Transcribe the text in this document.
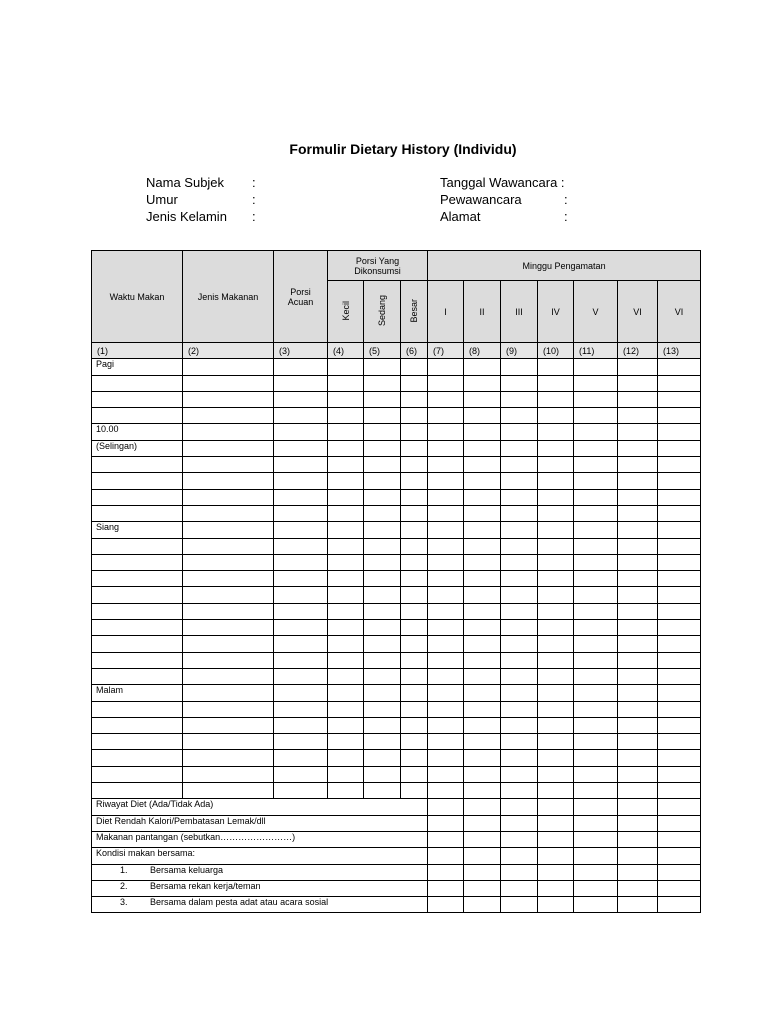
Formulir Dietary History (Individu)
Nama Subjek	:
Umur	:
Jenis Kelamin	:
Tanggal Wawancara :
Pewawancara	:
Alamat	:
Waktu Makan	Jenis Makanan	Porsi Acuan	Porsi Yang Dikonsumsi			Minggu Pengamatan						
			Kecil	Sedang	Besar	I	II	III	IV	V	VI	VI
(1)	(2)	(3)	(4)	(5)	(6)	(7)	(8)	(9)	(10)	(11)	(12)	(13)
Pagi												

10.00												
(Selingan)												

Siang												

Malam												

Riwayat Diet (Ada/Tidak Ada)												

Diet Rendah Kalori/Pembatasan Lemak/dll												

Makanan pantangan (sebutkan……………………)												

Kondisi makan bersama:												

1. Bersama keluarga												

2. Bersama rekan kerja/teman												

3. Bersama dalam pesta adat atau acara sosial												
